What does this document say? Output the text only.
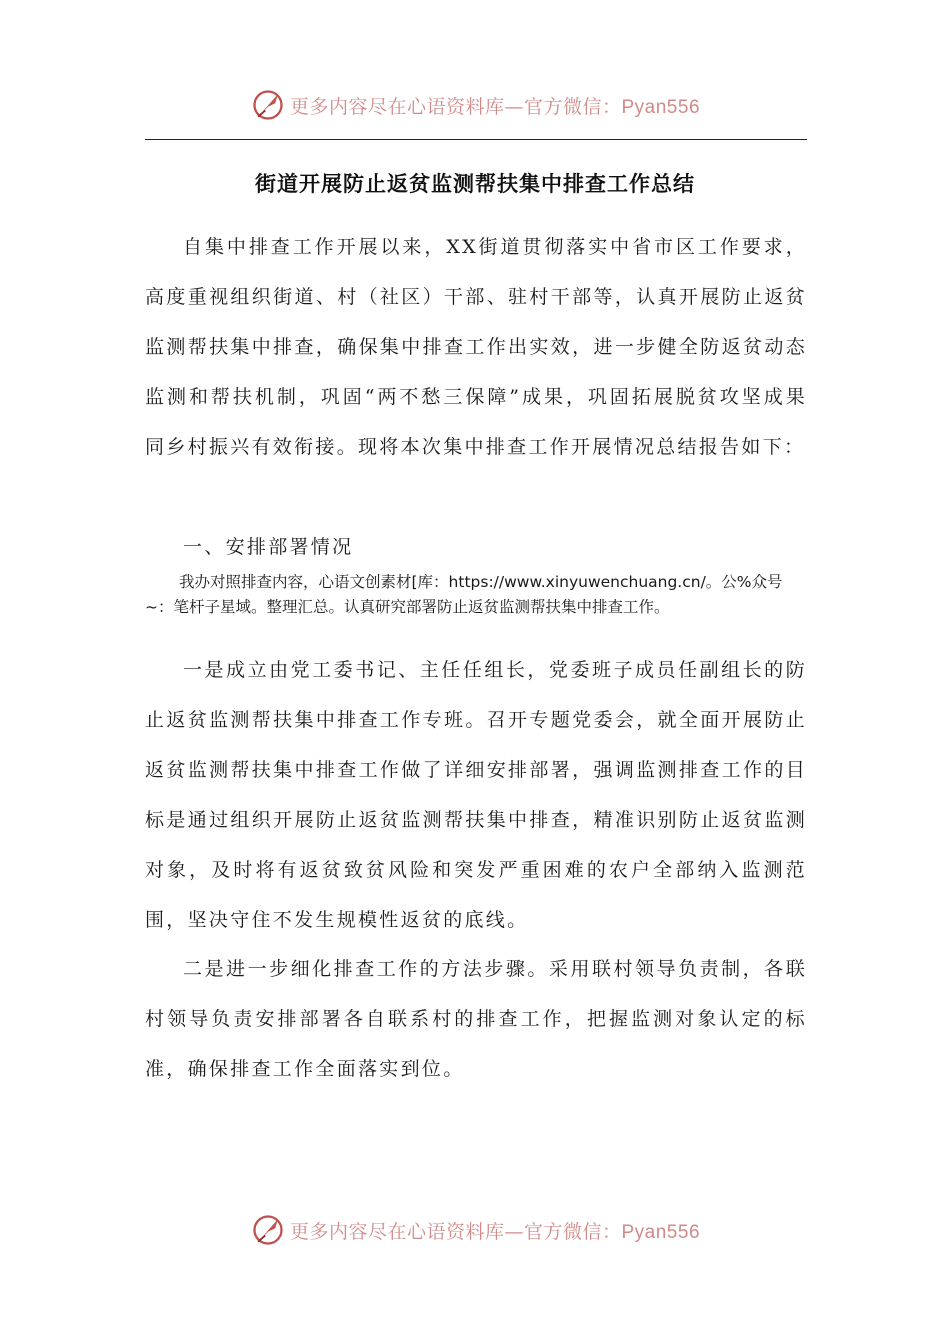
更多内容尽在心语资料库—官方微信：Pyan556
街道开展防止返贫监测帮扶集中排查工作总结

自集中排查工作开展以来，XX街道贯彻落实中省市区工作要求，高度重视组织街道、村（社区）干部、驻村干部等，认真开展防止返贫监测帮扶集中排查，确保集中排查工作出实效，进一步健全防返贫动态监测和帮扶机制，巩固“两不愁三保障”成果，巩固拓展脱贫攻坚成果同乡村振兴有效衔接。现将本次集中排查工作开展情况总结报告如下：

一、安排部署情况

我办对照排查内容，心语文创素材[库：https://www.xinyuwenchuang.cn/。公%众号~：笔杆子星域。整理汇总。认真研究部署防止返贫监测帮扶集中排查工作。

一是成立由党工委书记、主任任组长，党委班子成员任副组长的防止返贫监测帮扶集中排查工作专班。召开专题党委会，就全面开展防止返贫监测帮扶集中排查工作做了详细安排部署，强调监测排查工作的目标是通过组织开展防止返贫监测帮扶集中排查，精准识别防止返贫监测对象，及时将有返贫致贫风险和突发严重困难的农户全部纳入监测范围，坚决守住不发生规模性返贫的底线。

二是进一步细化排查工作的方法步骤。采用联村领导负责制，各联村领导负责安排部署各自联系村的排查工作，把握监测对象认定的标准，确保排查工作全面落实到位。

更多内容尽在心语资料库—官方微信：Pyan556
